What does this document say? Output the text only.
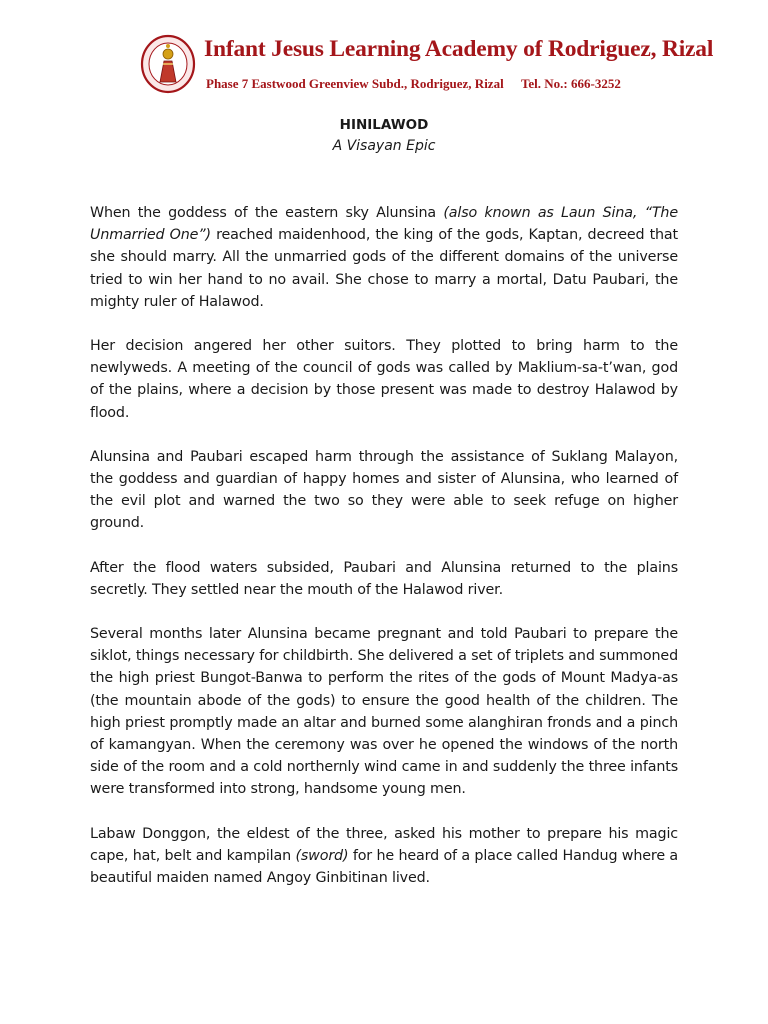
Infant Jesus Learning Academy of Rodriguez, Rizal
Phase 7 Eastwood Greenview Subd., Rodriguez, Rizal Tel. No.: 666-3252
HINILAWOD
A Visayan Epic

When the goddess of the eastern sky Alunsina (also known as Laun Sina, “The Unmarried One”) reached maidenhood, the king of the gods, Kaptan, decreed that she should marry. All the unmarried gods of the different domains of the universe tried to win her hand to no avail. She chose to marry a mortal, Datu Paubari, the mighty ruler of Halawod.

Her decision angered her other suitors. They plotted to bring harm to the newlyweds. A meeting of the council of gods was called by Maklium-sa-t’wan, god of the plains, where a decision by those present was made to destroy Halawod by flood.

Alunsina and Paubari escaped harm through the assistance of Suklang Malayon, the goddess and guardian of happy homes and sister of Alunsina, who learned of the evil plot and warned the two so they were able to seek refuge on higher ground.

After the flood waters subsided, Paubari and Alunsina returned to the plains secretly. They settled near the mouth of the Halawod river.

Several months later Alunsina became pregnant and told Paubari to prepare the siklot, things necessary for childbirth. She delivered a set of triplets and summoned the high priest Bungot-Banwa to perform the rites of the gods of Mount Madya-as (the mountain abode of the gods) to ensure the good health of the children. The high priest promptly made an altar and burned some alanghiran fronds and a pinch of kamangyan. When the ceremony was over he opened the windows of the north side of the room and a cold northernly wind came in and suddenly the three infants were transformed into strong, handsome young men.

Labaw Donggon, the eldest of the three, asked his mother to prepare his magic cape, hat, belt and kampilan (sword) for he heard of a place called Handug where a beautiful maiden named Angoy Ginbitinan lived.
